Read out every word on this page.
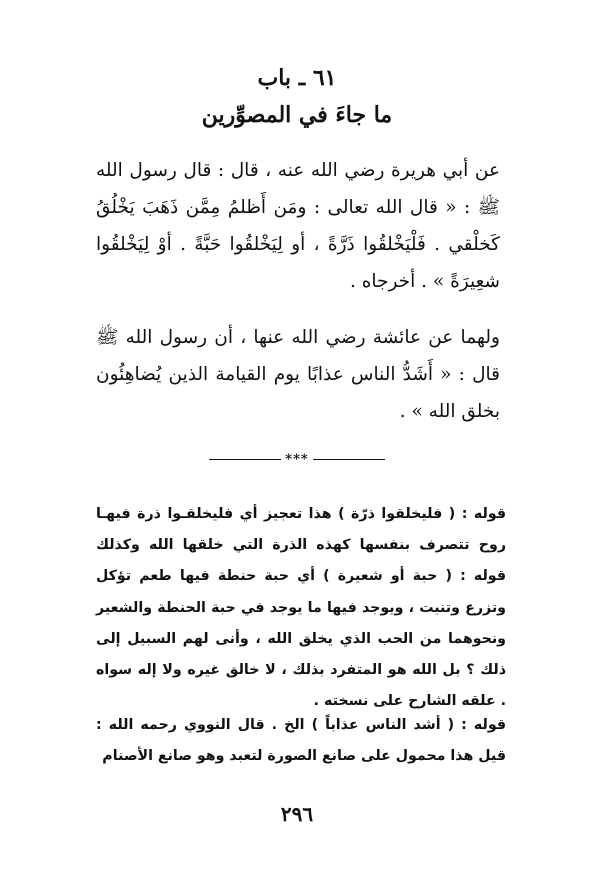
٦١ ـ باب
ما جاءَ في المصوِّرين

عن أبي هريرة رضي الله عنه ، قال : قال رسول الله ﷺ : « قال الله تعالى : ومَن أَظلمُ مِمَّن ذَهَبَ يَخْلُقُ كَخلْقي . فَلْيَخْلقُوا ذَرَّةً ، أو لِيَخْلقُوا حَبَّةً . أوْ لِيَخْلقُوا شعِيرَةً » . أخرجاه .

ولهما عن عائشة رضي الله عنها ، أن رسول الله ﷺ قال : « أَشَدُّ الناس عذابًا يوم القيامة الذين يُضاهِئُون بخلق الله » .

***

قوله : ( فليخلقوا ذرّة ) هذا تعجيز أي فليخلقـوا ذرة فيهـا روح تتصرف بنفسها كهذه الذرة التي خلقها الله وكذلك قوله : ( حبة أو شعيرة ) أي حبة حنطة فيها طعم تؤكل وتزرع وتنبت ، ويوجد فيها ما يوجد في حبة الحنطة والشعير ونحوهما من الحب الذي يخلق الله ، وأنى لهم السبيل إلى ذلك ؟ بل الله هو المتفرد بذلك ، لا خالق غيره ولا إله سواه . علقه الشارح على نسخته .

قوله : ( أشد الناس عذاباً ) الخ . قال النووي رحمه الله : قيل هذا محمول على صانع الصورة لتعبد وهو صانع الأصنام

٢٩٦
